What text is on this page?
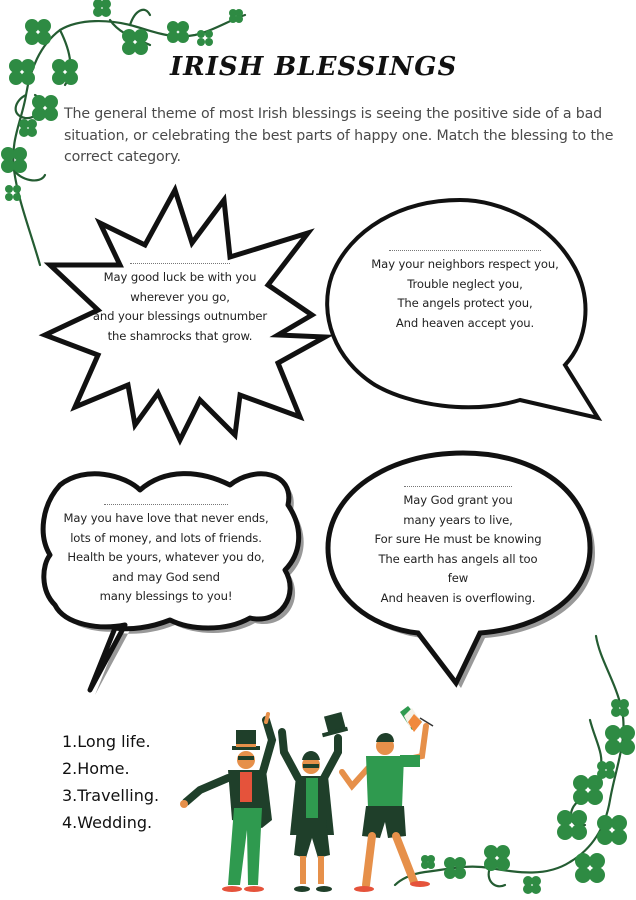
IRISH BLESSINGS
The general theme of most Irish blessings is seeing the positive side of a bad situation, or celebrating the best parts of happy one. Match the blessing to the correct category.
May good luck be with you
wherever you go,
and your blessings outnumber
the shamrocks that grow.
May your neighbors respect you,
Trouble neglect you,
The angels protect you,
And heaven accept you.
May you have love that never ends,
lots of money, and lots of friends.
Health be yours, whatever you do,
and may God send
many blessings to you!
May God grant you
many years to live,
For sure He must be knowing
The earth has angels all too
few
And heaven is overflowing.
1.Long life.
2.Home.
3.Travelling.
4.Wedding.
